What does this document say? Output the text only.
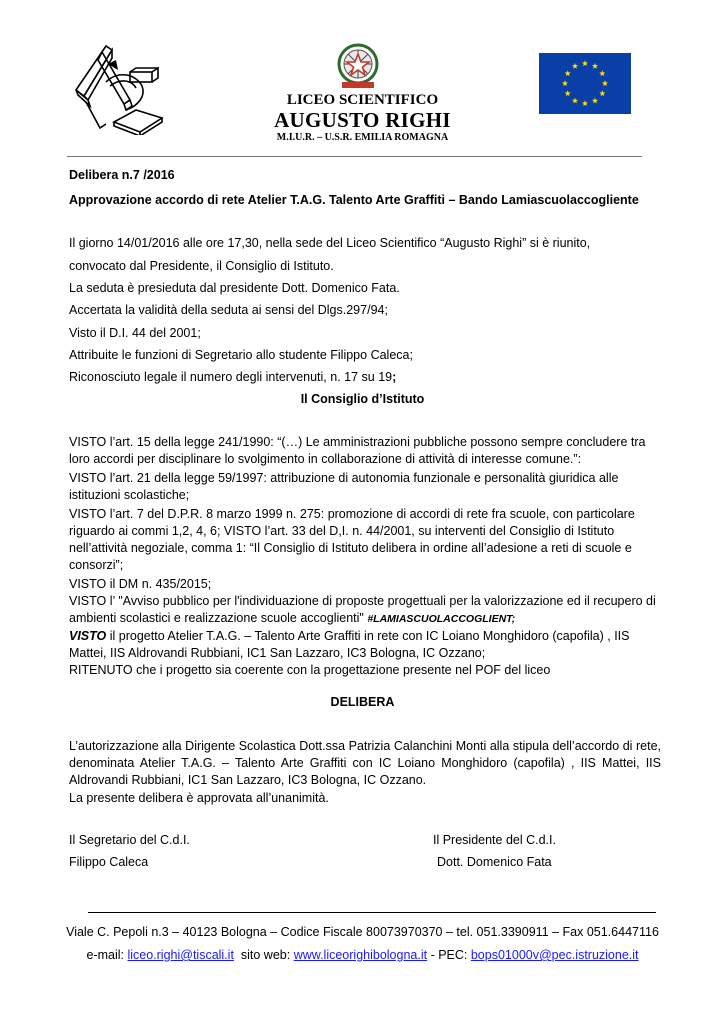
LICEO SCIENTIFICO
AUGUSTO RIGHI
M.I.U.R. – U.S.R. EMILIA ROMAGNA
Delibera n.7 /2016
Approvazione accordo di rete Atelier T.A.G. Talento Arte Graffiti – Bando Lamiascuolaccogliente
Il giorno 14/01/2016 alle ore 17,30, nella sede del Liceo Scientifico “Augusto Righi” si è riunito,
convocato dal Presidente, il Consiglio di Istituto.
La seduta è presieduta dal presidente Dott. Domenico Fata.
Accertata la validità della seduta ai sensi del Dlgs.297/94;
Visto il D.I. 44 del 2001;
Attribuite le funzioni di Segretario allo studente Filippo Caleca;
Riconosciuto legale il numero degli intervenuti, n. 17 su 19;
Il Consiglio d’Istituto
VISTO l’art. 15 della legge 241/1990: “(…) Le amministrazioni pubbliche possono sempre concludere tra loro accordi per disciplinare lo svolgimento in collaborazione di attività di interesse comune.”:
VISTO l’art. 21 della legge 59/1997: attribuzione di autonomia funzionale e personalità giuridica alle istituzioni scolastiche;
VISTO l’art. 7 del D.P.R. 8 marzo 1999 n. 275: promozione di accordi di rete fra scuole, con particolare riguardo ai commi 1,2, 4, 6; VISTO l’art. 33 del D,I. n. 44/2001, su interventi del Consiglio di Istituto nell’attività negoziale, comma 1: “Il Consiglio di Istituto delibera in ordine all’adesione a reti di scuole e consorzi”;
VISTO il DM n. 435/2015;
VISTO l’ "Avviso pubblico per l'individuazione di proposte progettuali per la valorizzazione ed il recupero di ambienti scolastici e realizzazione scuole accoglienti" #LAMIASCUOLACCOGLIENT;
VISTO il progetto Atelier T.A.G. – Talento Arte Graffiti in rete con IC Loiano Monghidoro (capofila) , IIS Mattei, IIS Aldrovandi Rubbiani, IC1 San Lazzaro, IC3 Bologna, IC Ozzano;
RITENUTO che i progetto sia coerente con la progettazione presente nel POF del liceo
DELIBERA
L’autorizzazione alla Dirigente Scolastica Dott.ssa Patrizia Calanchini Monti alla stipula dell’accordo di rete, denominata Atelier T.A.G. – Talento Arte Graffiti con IC Loiano Monghidoro (capofila) , IIS Mattei, IIS Aldrovandi Rubbiani, IC1 San Lazzaro, IC3 Bologna, IC Ozzano.
La presente delibera è approvata all’unanimità.
Il Segretario del C.d.I.
Filippo Caleca
Il Presidente del C.d.I.
Dott. Domenico Fata
Viale C. Pepoli n.3 – 40123 Bologna – Codice Fiscale 80073970370 – tel. 051.3390911 – Fax 051.6447116
e-mail: liceo.righi@tiscali.it  sito web: www.liceorighibologna.it - PEC: bops01000v@pec.istruzione.it
